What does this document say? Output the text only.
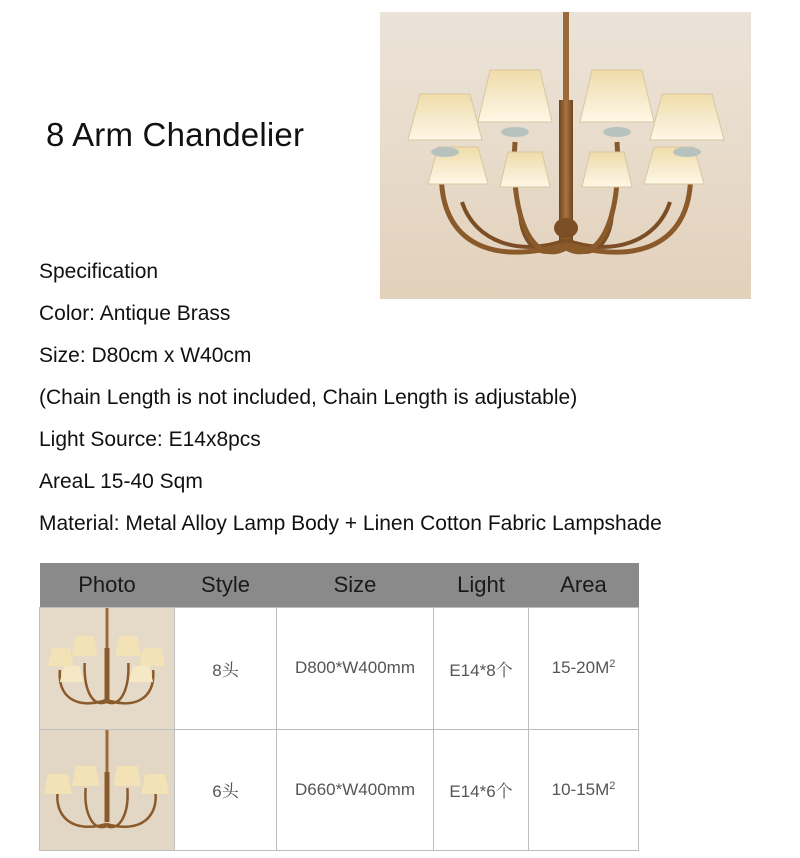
8 Arm Chandelier
Specification
Color: Antique Brass
Size: D80cm x W40cm
(Chain Length is not included, Chain Length is adjustable)
Light Source: E14x8pcs
AreaL 15-40 Sqm
Material: Metal Alloy Lamp Body + Linen Cotton Fabric Lampshade
Photo	Style	Size	Light	Area

	8头	D800*W400mm	E14*8个	$15-20M^2$

	6头	D660*W400mm	E14*6个	$10-15M^2$
